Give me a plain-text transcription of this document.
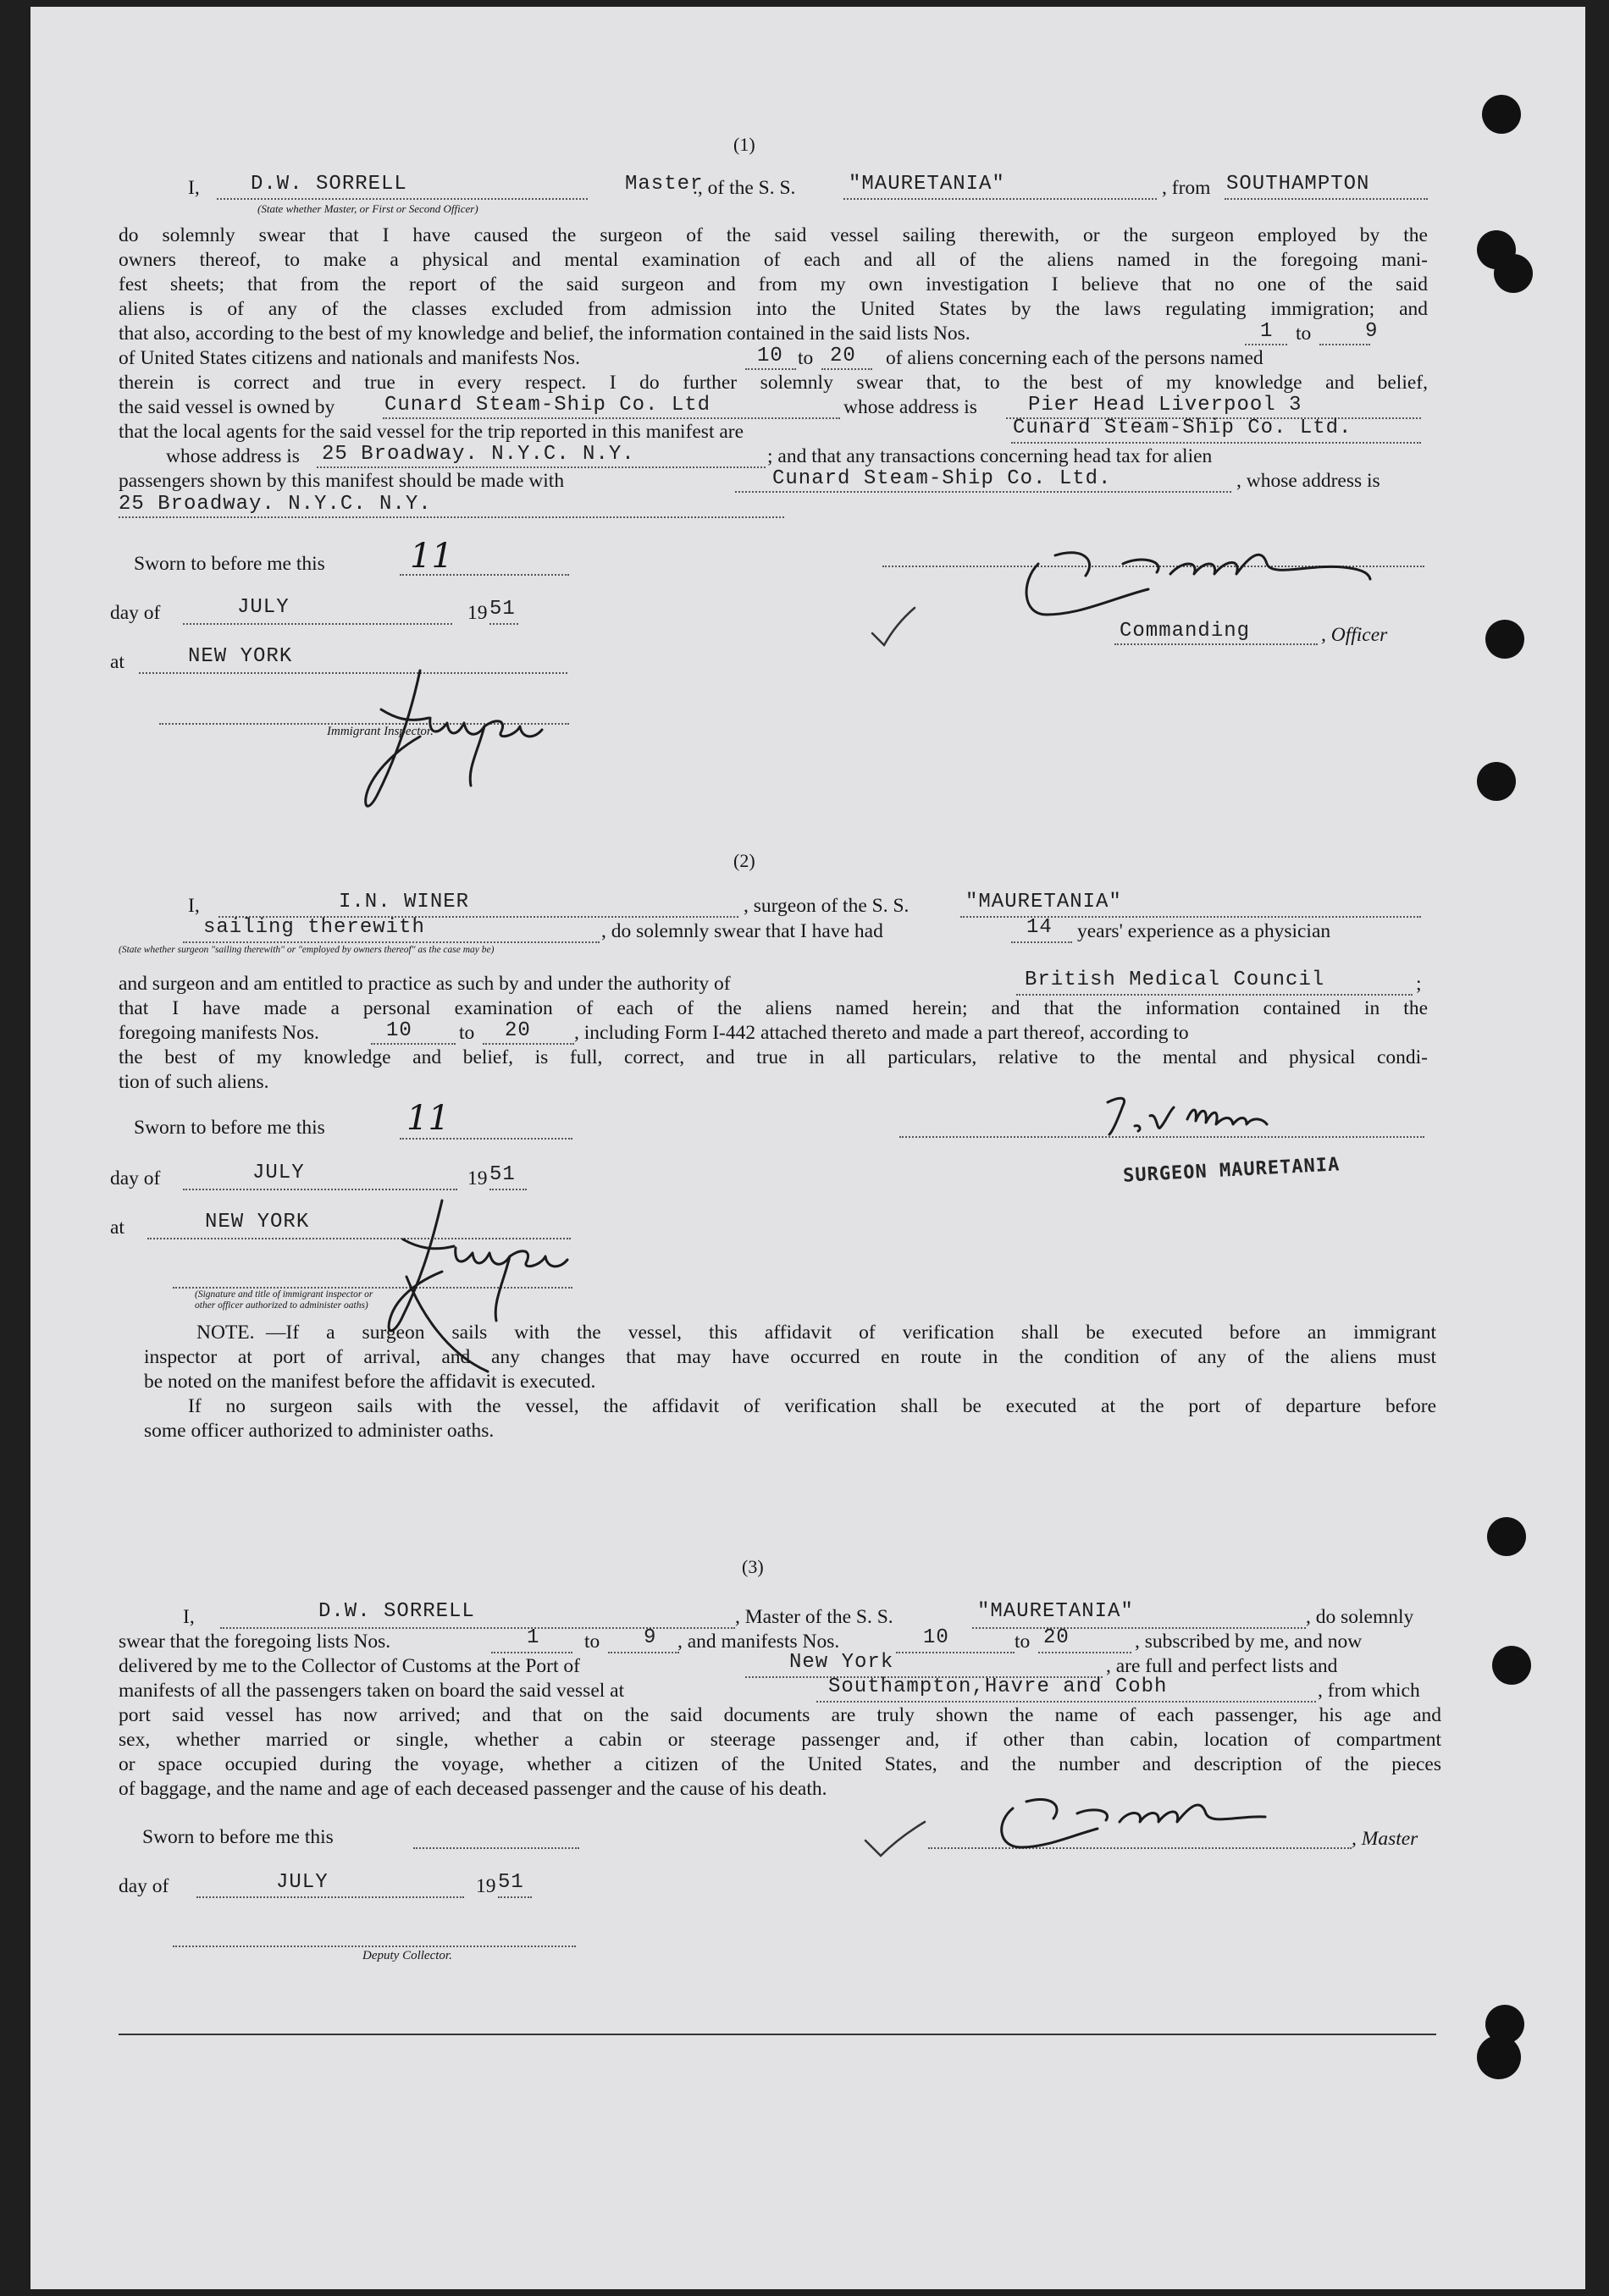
(1)
I,	D.W. SORRELL	Master
., of the S. S.	"MAURETANIA"	, from SOUTHAMPTON
(State whether Master, or First or Second Officer)
do solemnly swear that I have caused the surgeon of the said vessel sailing therewith, or the surgeon employed by the
owners thereof, to make a physical and mental examination of each and all of the aliens named in the foregoing mani-
fest sheets; that from the report of the said surgeon and from my own investigation I believe that no one of the said
aliens is of any of the classes excluded from admission into the United States by the laws regulating immigration; and
that also, according to the best of my knowledge and belief, the information contained in the said lists Nos.	1 to	9
of United States citizens and nationals and manifests Nos.	10 to 20 of aliens concerning each of the persons named
therein is correct and true in every respect. I do further solemnly swear that, to the best of my knowledge and belief,
the said vessel is owned by Cunard Steam-Ship Co. Ltd	whose address is	Pier Head Liverpool 3
that the local agents for the said vessel for the trip reported in this manifest are	Cunard Steam-Ship Co. Ltd.
whose address is 25 Broadway. N.Y.C. N.Y.	; and that any transactions concerning head tax for alien
passengers shown by this manifest should be made with	Cunard Steam-Ship Co. Ltd.	, whose address is
25 Broadway. N.Y.C. N.Y.
Sworn to before me this	11
day of	JULY	19 51
at	NEW YORK
Immigrant Inspector.
Commanding	, Officer
(2)
I,	I.N. WINER	, surgeon of the S. S.	"MAURETANIA"
sailing therewith	, do solemnly swear that I have had	14 years' experience as a physician
(State whether surgeon "sailing therewith" or "employed by owners thereof" as the case may be)
and surgeon and am entitled to practice as such by and under the authority of	British Medical Council	;
that I have made a personal examination of each of the aliens named herein; and that the information contained in the
foregoing manifests Nos.	10 to 20 , including Form I-442 attached thereto and made a part thereof, according to
the best of my knowledge and belief, is full, correct, and true in all particulars, relative to the mental and physical condi-
tion of such aliens.
Sworn to before me this 11
day of	JULY	19 51
at	NEW YORK
(Signature and title of immigrant inspector or
other officer authorized to administer oaths)
SURGEON MAURETANIA
NOTE. —If a surgeon sails with the vessel, this affidavit of verification shall be executed before an immigrant
inspector at port of arrival, and any changes that may have occurred en route in the condition of any of the aliens must
be noted on the manifest before the affidavit is executed.
If no surgeon sails with the vessel, the affidavit of verification shall be executed at the port of departure before
some officer authorized to administer oaths.
(3)
I,	D.W. SORRELL	, Master of the S. S.	"MAURETANIA"	, do solemnly
swear that the foregoing lists Nos.	1 to 9 , and manifests Nos.	10	to 20	, subscribed by me, and now
delivered by me to the Collector of Customs at the Port of	New York	, are full and perfect lists and
manifests of all the passengers taken on board the said vessel at	Southampton,Havre and Cobh	, from which
port said vessel has now arrived; and that on the said documents are truly shown the name of each passenger, his age and
sex, whether married or single, whether a cabin or steerage passenger and, if other than cabin, location of compartment
or space occupied during the voyage, whether a citizen of the United States, and the number and description of the pieces
of baggage, and the name and age of each deceased passenger and the cause of his death.
Sworn to before me this
day of	JULY	19 51
Deputy Collector.
, Master
